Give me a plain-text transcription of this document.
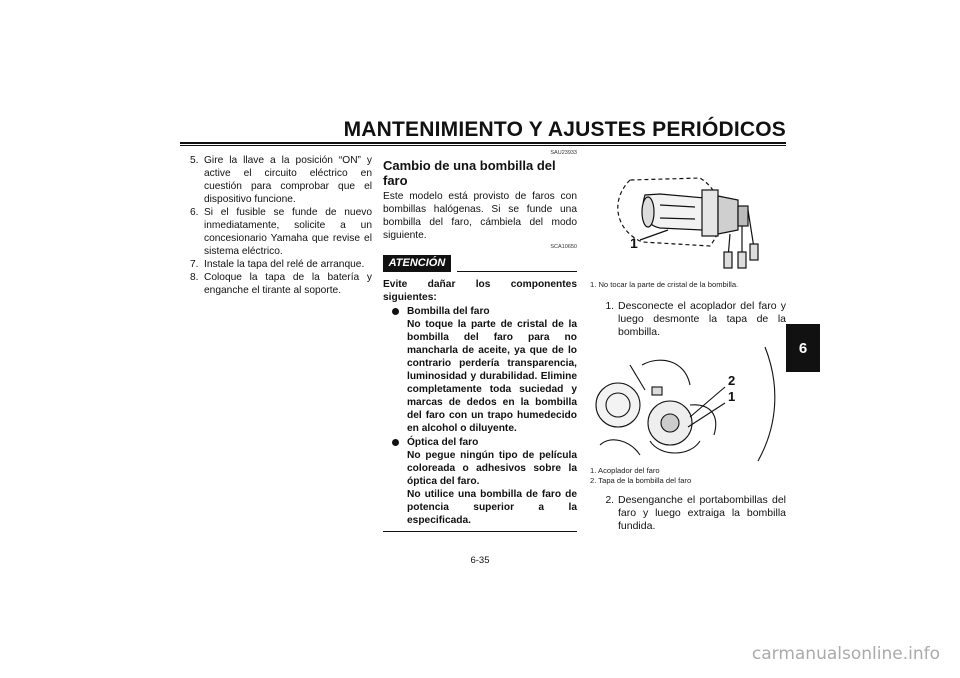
MANTENIMIENTO Y AJUSTES PERIÓDICOS
6
5. Gire la llave a la posición “ON” y active el circuito eléctrico en cuestión para comprobar que el dispositivo funcione.
6. Si el fusible se funde de nuevo inmediatamente, solicite a un concesionario Yamaha que revise el sistema eléctrico.
7. Instale la tapa del relé de arranque.
8. Coloque la tapa de la batería y enganche el tirante al soporte.
SAU23933
Cambio de una bombilla del faro
Este modelo está provisto de faros con bombillas halógenas. Si se funde una bombilla del faro, cámbiela del modo siguiente.
SCA10650
ATENCIÓN
Evite dañar los componentes siguientes:
Bombilla del faro
No toque la parte de cristal de la bombilla del faro para no mancharla de aceite, ya que de lo contrario perdería transparencia, luminosidad y durabilidad. Elimine completamente toda suciedad y marcas de dedos en la bombilla del faro con un trapo humedecido en alcohol o diluyente.
Óptica del faro
No pegue ningún tipo de película coloreada o adhesivos sobre la óptica del faro.
No utilice una bombilla de faro de potencia superior a la especificada.
1
1. No tocar la parte de cristal de la bombilla.
1. Desconecte el acoplador del faro y luego desmonte la tapa de la bombilla.
2
1
1. Acoplador del faro
2. Tapa de la bombilla del faro
2. Desenganche el portabombillas del faro y luego extraiga la bombilla fundida.
6-35
carmanualsonline.info
